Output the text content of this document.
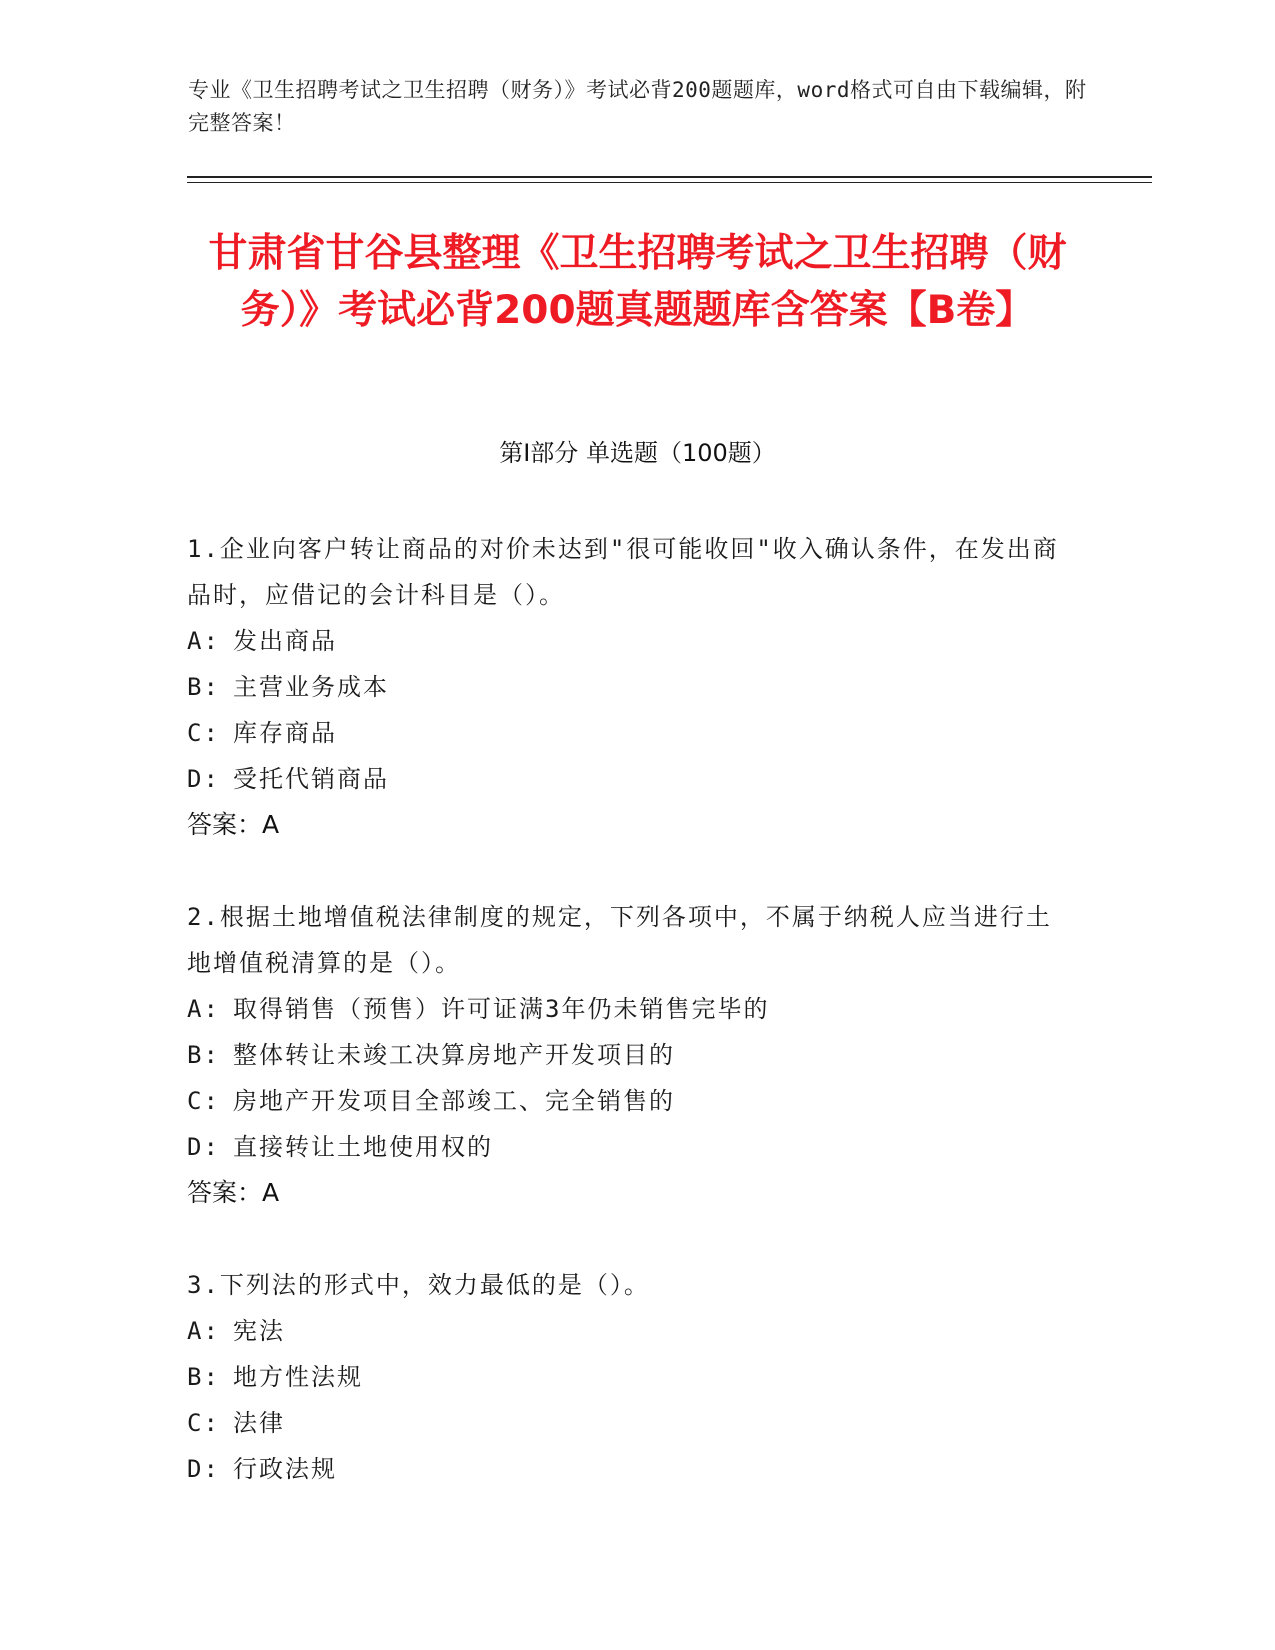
专业《卫生招聘考试之卫生招聘（财务）》考试必背200题题库，word格式可自由下载编辑，附完整答案！
甘肃省甘谷县整理《卫生招聘考试之卫生招聘（财务）》考试必背200题真题题库含答案【B卷】
第I部分 单选题（100题）

1.企业向客户转让商品的对价未达到"很可能收回"收入确认条件，在发出商品时，应借记的会计科目是（）。

A: 发出商品

B: 主营业务成本

C: 库存商品

D: 受托代销商品

答案：A

2.根据土地增值税法律制度的规定，下列各项中，不属于纳税人应当进行土地增值税清算的是（）。

A: 取得销售（预售）许可证满3年仍未销售完毕的

B: 整体转让未竣工决算房地产开发项目的

C: 房地产开发项目全部竣工、完全销售的

D: 直接转让土地使用权的

答案：A

3.下列法的形式中，效力最低的是（）。

A: 宪法

B: 地方性法规

C: 法律

D: 行政法规
